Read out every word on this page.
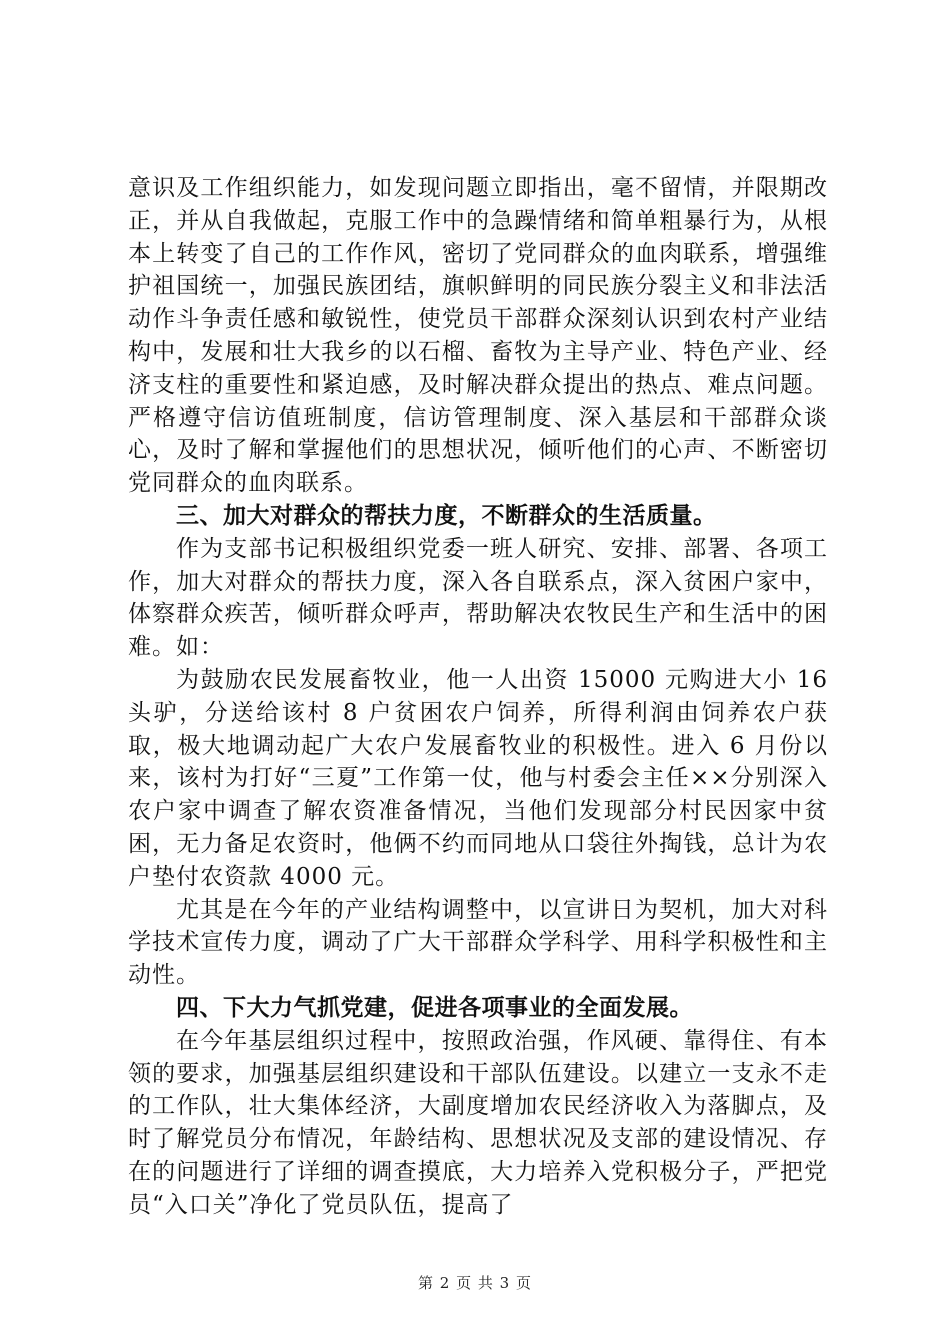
意识及工作组织能力，如发现问题立即指出，毫不留情，并限期改正，并从自我做起，克服工作中的急躁情绪和简单粗暴行为，从根本上转变了自己的工作作风，密切了党同群众的血肉联系，增强维护祖国统一，加强民族团结，旗帜鲜明的同民族分裂主义和非法活动作斗争责任感和敏锐性，使党员干部群众深刻认识到农村产业结构中，发展和壮大我乡的以石榴、畜牧为主导产业、特色产业、经济支柱的重要性和紧迫感，及时解决群众提出的热点、难点问题。严格遵守信访值班制度，信访管理制度、深入基层和干部群众谈心，及时了解和掌握他们的思想状况，倾听他们的心声、不断密切党同群众的血肉联系。

三、加大对群众的帮扶力度，不断群众的生活质量。

作为支部书记积极组织党委一班人研究、安排、部署、各项工作，加大对群众的帮扶力度，深入各自联系点，深入贫困户家中，体察群众疾苦，倾听群众呼声，帮助解决农牧民生产和生活中的困难。如：

为鼓励农民发展畜牧业，他一人出资 15000 元购进大小 16 头驴，分送给该村 8 户贫困农户饲养，所得利润由饲养农户获取，极大地调动起广大农户发展畜牧业的积极性。进入 6 月份以来，该村为打好“三夏”工作第一仗，他与村委会主任××分别深入农户家中调查了解农资准备情况，当他们发现部分村民因家中贫困，无力备足农资时，他俩不约而同地从口袋往外掏钱，总计为农户垫付农资款 4000 元。

尤其是在今年的产业结构调整中，以宣讲日为契机，加大对科学技术宣传力度，调动了广大干部群众学科学、用科学积极性和主动性。

四、下大力气抓党建，促进各项事业的全面发展。

在今年基层组织过程中，按照政治强，作风硬、靠得住、有本领的要求，加强基层组织建设和干部队伍建设。以建立一支永不走的工作队，壮大集体经济，大副度增加农民经济收入为落脚点，及时了解党员分布情况，年龄结构、思想状况及支部的建设情况、存在的问题进行了详细的调查摸底，大力培养入党积极分子，严把党员“入口关”净化了党员队伍，提高了

第 2 页 共 3 页
